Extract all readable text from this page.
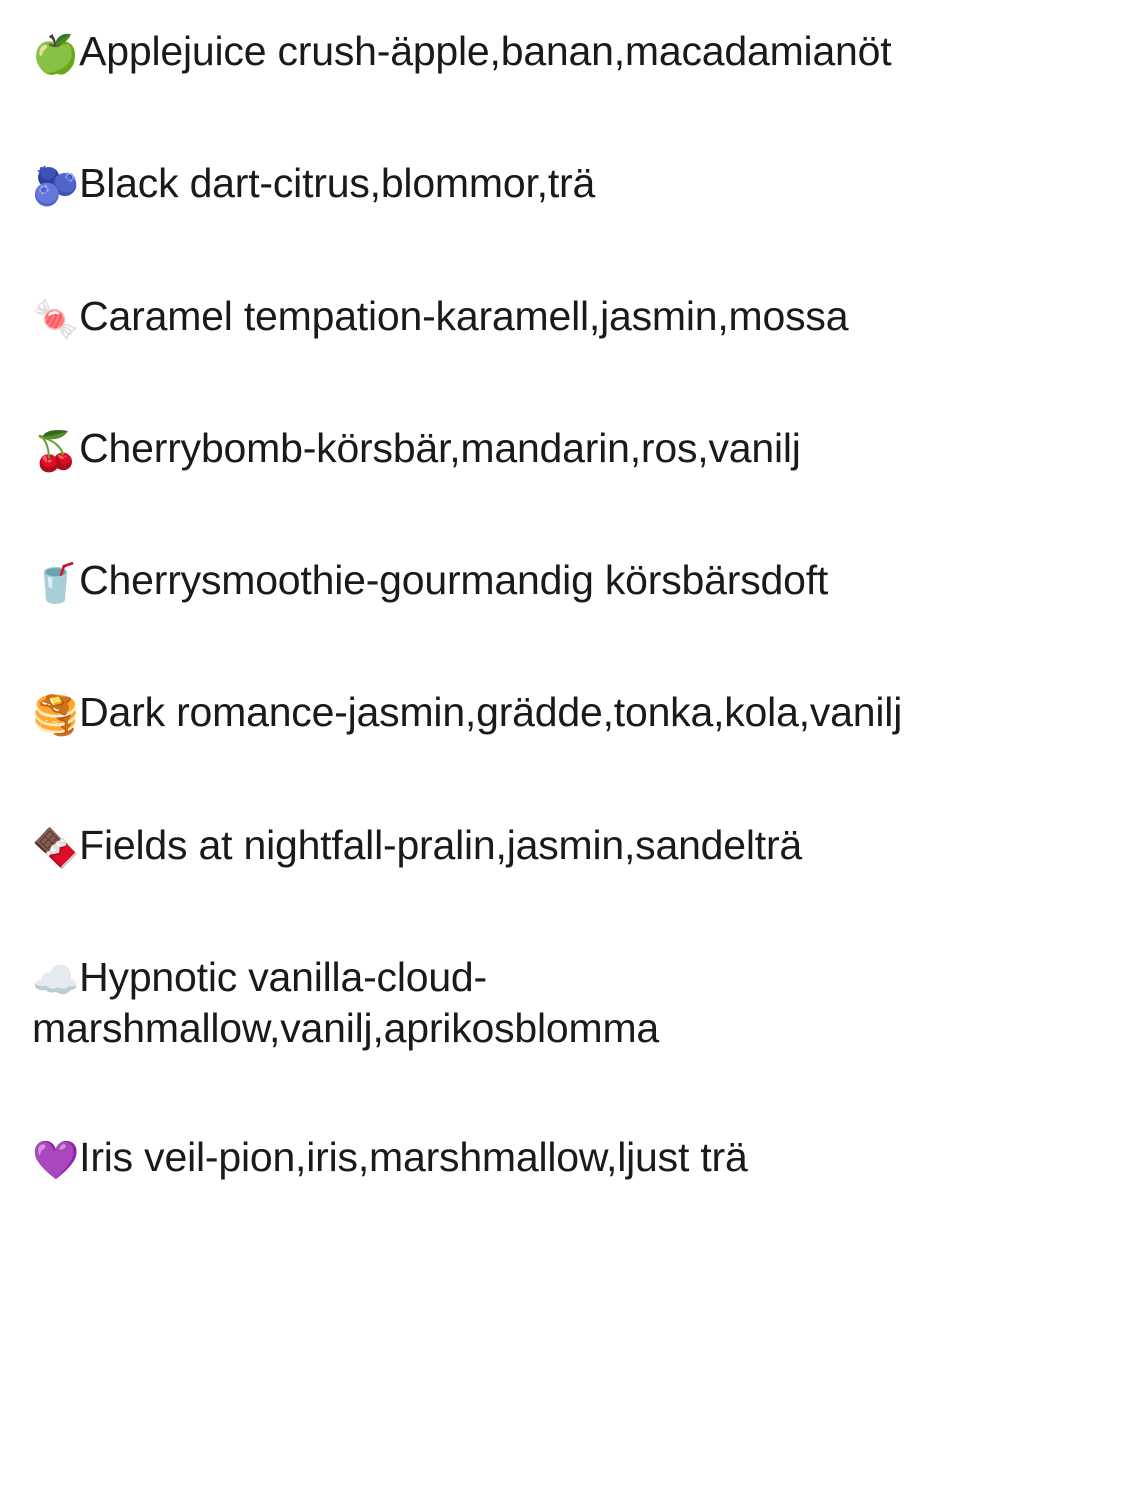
🍏Applejuice crush-äpple,banan,macadamianöt
🫐Black dart-citrus,blommor,trä
🍬Caramel tempation-karamell,jasmin,mossa
🍒Cherrybomb-körsbär,mandarin,ros,vanilj
🥤Cherrysmoothie-gourmandig körsbärsdoft
🥞Dark romance-jasmin,grädde,tonka,kola,vanilj
🍫Fields at nightfall-pralin,jasmin,sandelträ
☁️Hypnotic vanilla-cloud-marshmallow,vanilj,aprikosblomma
💜Iris veil-pion,iris,marshmallow,ljust trä
